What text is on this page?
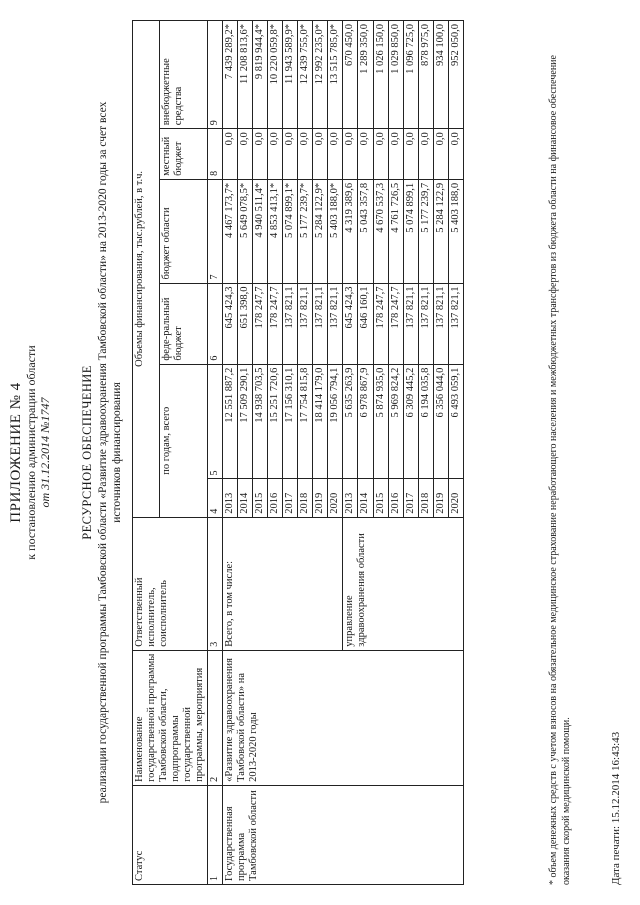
ПРИЛОЖЕНИЕ № 4 к постановлению администрации области от 31.12.2014 №1747 РЕСУРСНОЕ ОБЕСПЕЧЕНИЕ реализации государственной программы Тамбовской области «Развитие здравоохранения Тамбовской области» на 2013-2020 годы за счет всех источников финансирования
Статус	Наименование государственной программы Тамбовской области, подпрограммы государственной программы, мероприятия	Ответственный исполнитель, соисполнитель	Объемы финансирования, тыс.рублей, в т.ч.					
			по годам, всего		феде-ральный бюджет	бюджет области	местный бюджет	внебюджетные средства
1	2	3	4	5	6	7	8	9
Государственная программа Тамбовской области	«Развитие здравоохранения Тамбовской области» на 2013-2020 годы	Всего, в том числе:	2013	12 551 887,2	645 424,3	4 467 173,7*	0,0	7 439 289,2*
			2014	17 509 290,1	651 398,0	5 649 078,5*	0,0	11 208 813,6*
			2015	14 938 703,5	178 247,7	4 940 511,4*	0,0	9 819 944,4*
			2016	15 251 720,6	178 247,7	4 853 413,1*	0,0	10 220 059,8*
			2017	17 156 310,1	137 821,1	5 074 899,1*	0,0	11 943 589,9*
			2018	17 754 815,8	137 821,1	5 177 239,7*	0,0	12 439 755,0*
			2019	18 414 179,0	137 821,1	5 284 122,9*	0,0	12 992 235,0*
			2020	19 056 794,1	137 821,1	5 403 188,0*	0,0	13 515 785,0*
		управление здравоохранения области	2013	5 635 263,9	645 424,3	4 319 389,6	0,0	670 450,0
			2014	6 978 867,9	646 160,1	5 043 357,8	0,0	1 289 350,0
			2015	5 874 935,0	178 247,7	4 670 537,3	0,0	1 026 150,0
			2016	5 969 824,2	178 247,7	4 761 726,5	0,0	1 029 850,0
			2017	6 309 445,2	137 821,1	5 074 899,1	0,0	1 096 725,0
			2018	6 194 035,8	137 821,1	5 177 239,7	0,0	878 975,0
			2019	6 356 044,0	137 821,1	5 284 122,9	0,0	934 100,0
			2020	6 493 059,1	137 821,1	5 403 188,0	0,0	952 050,0
* объем денежных средств с учетом взносов на обязательное медицинское страхование неработающего населения и межбюджетных трансфертов из бюджета области на финансовое обеспечение оказания скорой медицинской помощи.	Дата печати: 15.12.2014 16:43:43
